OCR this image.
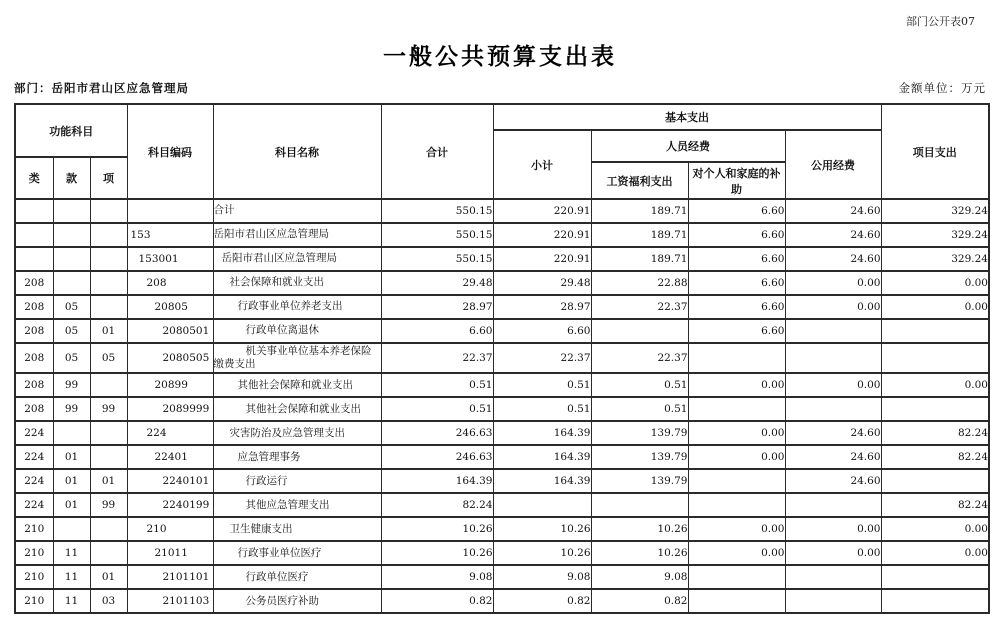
部门公开表07
一般公共预算支出表
部门：岳阳市君山区应急管理局	金额单位：万元
功能科目			科目编码	科目名称	合计	基本支出				项目支出
						小计	人员经费		公用经费	
类	款	项								
							工资福利支出	对个人和家庭的补助		
				合计	550.15	220.91	189.71	6.60	24.60	329.24
			153	岳阳市君山区应急管理局	550.15	220.91	189.71	6.60	24.60	329.24
			153001	岳阳市君山区应急管理局	550.15	220.91	189.71	6.60	24.60	329.24
208			208	社会保障和就业支出	29.48	29.48	22.88	6.60	0.00	0.00
208	05		20805	行政事业单位养老支出	28.97	28.97	22.37	6.60	0.00	0.00
208	05	01	2080501	行政单位离退休	6.60	6.60		6.60		
208	05	05	2080505	机关事业单位基本养老保险缴费支出	22.37	22.37	22.37			
208	99		20899	其他社会保障和就业支出	0.51	0.51	0.51	0.00	0.00	0.00
208	99	99	2089999	其他社会保障和就业支出	0.51	0.51	0.51			
224			224	灾害防治及应急管理支出	246.63	164.39	139.79	0.00	24.60	82.24
224	01		22401	应急管理事务	246.63	164.39	139.79	0.00	24.60	82.24
224	01	01	2240101	行政运行	164.39	164.39	139.79		24.60	
224	01	99	2240199	其他应急管理支出	82.24					82.24
210			210	卫生健康支出	10.26	10.26	10.26	0.00	0.00	0.00
210	11		21011	行政事业单位医疗	10.26	10.26	10.26	0.00	0.00	0.00
210	11	01	2101101	行政单位医疗	9.08	9.08	9.08			
210	11	03	2101103	公务员医疗补助	0.82	0.82	0.82			
